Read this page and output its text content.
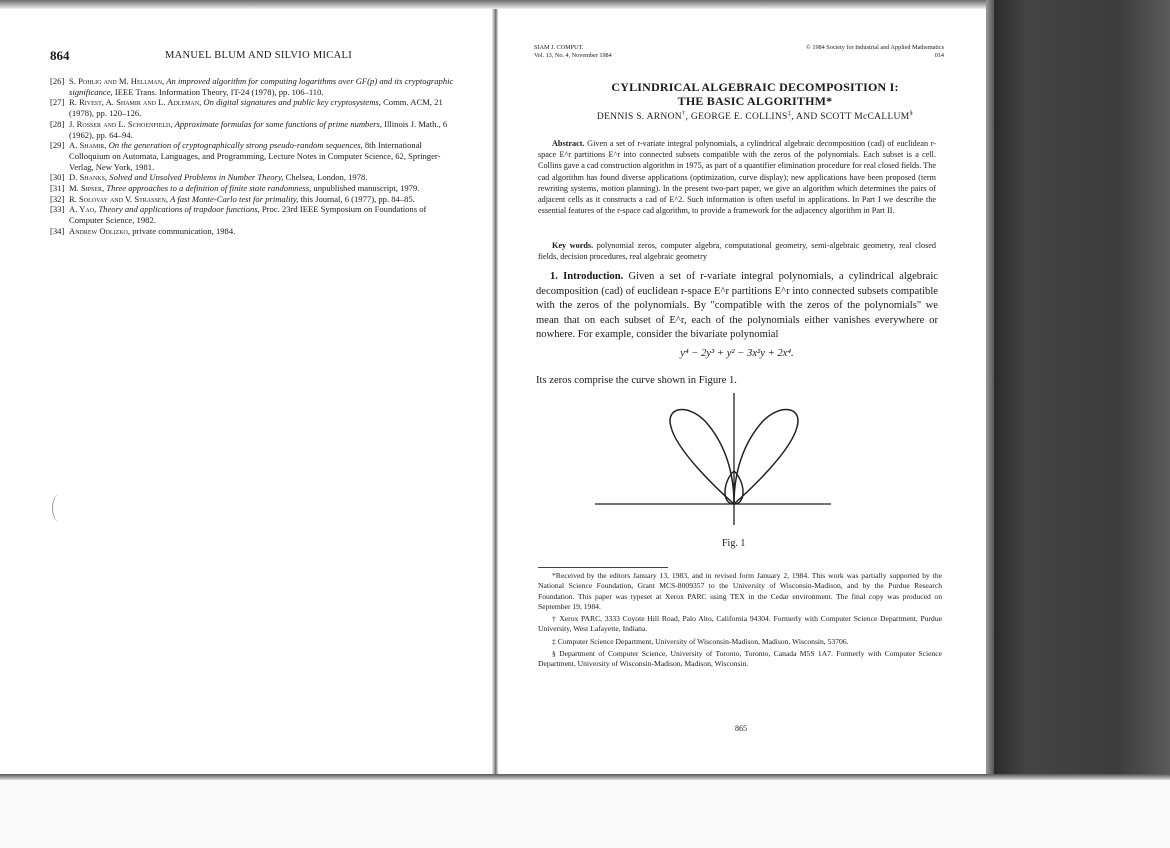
864	MANUEL BLUM AND SILVIO MICALI
[26] S. Pohlig and M. Hellman, An improved algorithm for computing logarithms over GF(p) and its cryptographic significance, IEEE Trans. Information Theory, IT-24 (1978), pp. 106–110.
[27] R. Rivest, A. Shamir and L. Adleman, On digital signatures and public key cryptosystems, Comm. ACM, 21 (1978), pp. 120–126.
[28] J. Rosser and L. Schoenfield, Approximate formulas for some functions of prime numbers, Illinois J. Math., 6 (1962), pp. 64–94.
[29] A. Shamir, On the generation of cryptographically strong pseudo-random sequences, 8th International Colloquium on Automata, Languages, and Programming, Lecture Notes in Computer Science, 62, Springer-Verlag, New York, 1981.
[30] D. Shanks, Solved and Unsolved Problems in Number Theory, Chelsea, London, 1978.
[31] M. Sipser, Three approaches to a definition of finite state randomness, unpublished manuscript, 1979.
[32] R. Solovay and V. Strassen, A fast Monte-Carlo test for primality, this Journal, 6 (1977), pp. 84–85.
[33] A. Yao, Theory and applications of trapdoor functions, Proc. 23rd IEEE Symposium on Foundations of Computer Science, 1982.
[34] Andrew Odlizko, private communication, 1984.
SIAM J. COMPUT.
Vol. 13, No. 4, November 1984
© 1984 Society for Industrial and Applied Mathematics
014
CYLINDRICAL ALGEBRAIC DECOMPOSITION I:
THE BASIC ALGORITHM*
DENNIS S. ARNON†, GEORGE E. COLLINS‡, AND SCOTT McCALLUM§
Abstract. Given a set of r-variate integral polynomials, a cylindrical algebraic decomposition (cad) of euclidean r-space E^r partitions E^r into connected subsets compatible with the zeros of the polynomials. Each subset is a cell. Collins gave a cad construction algorithm in 1975, as part of a quantifier elimination procedure for real closed fields. The cad algorithm has found diverse applications (optimization, curve display); new applications have been proposed (term rewriting systems, motion planning). In the present two-part paper, we give an algorithm which determines the pairs of adjacent cells as it constructs a cad of E^2. Such information is often useful in applications. In Part I we describe the essential features of the r-space cad algorithm, to provide a framework for the adjacency algorithm in Part II.
Key words. polynomial zeros, computer algebra, computational geometry, semi-algebraic geometry, real closed fields, decision procedures, real algebraic geometry
1. Introduction. Given a set of r-variate integral polynomials, a cylindrical algebraic decomposition (cad) of euclidean r-space E^r partitions E^r into connected subsets compatible with the zeros of the polynomials. By "compatible with the zeros of the polynomials" we mean that on each subset of E^r, each of the polynomials either vanishes everywhere or nowhere. For example, consider the bivariate polynomial
y⁴ − 2y³ + y² − 3x²y + 2x⁴.
Its zeros comprise the curve shown in Figure 1.
Fig. 1
*Received by the editors January 13, 1983, and in revised form January 2, 1984. This work was partially supported by the National Science Foundation, Grant MCS-8009357 to the University of Wisconsin-Madison, and by the Purdue Research Foundation. This paper was typeset at Xerox PARC using TEX in the Cedar environment. The final copy was produced on September 19, 1984.
† Xerox PARC, 3333 Coyote Hill Road, Palo Alto, California 94304. Formerly with Computer Science Department, Purdue University, West Lafayette, Indiana.
‡ Computer Science Department, University of Wisconsin-Madison, Madison, Wisconsin, 53706.
§ Department of Computer Science, University of Toronto, Toronto, Canada M5S 1A7. Formerly with Computer Science Department, University of Wisconsin-Madison, Madison, Wisconsin.
865
